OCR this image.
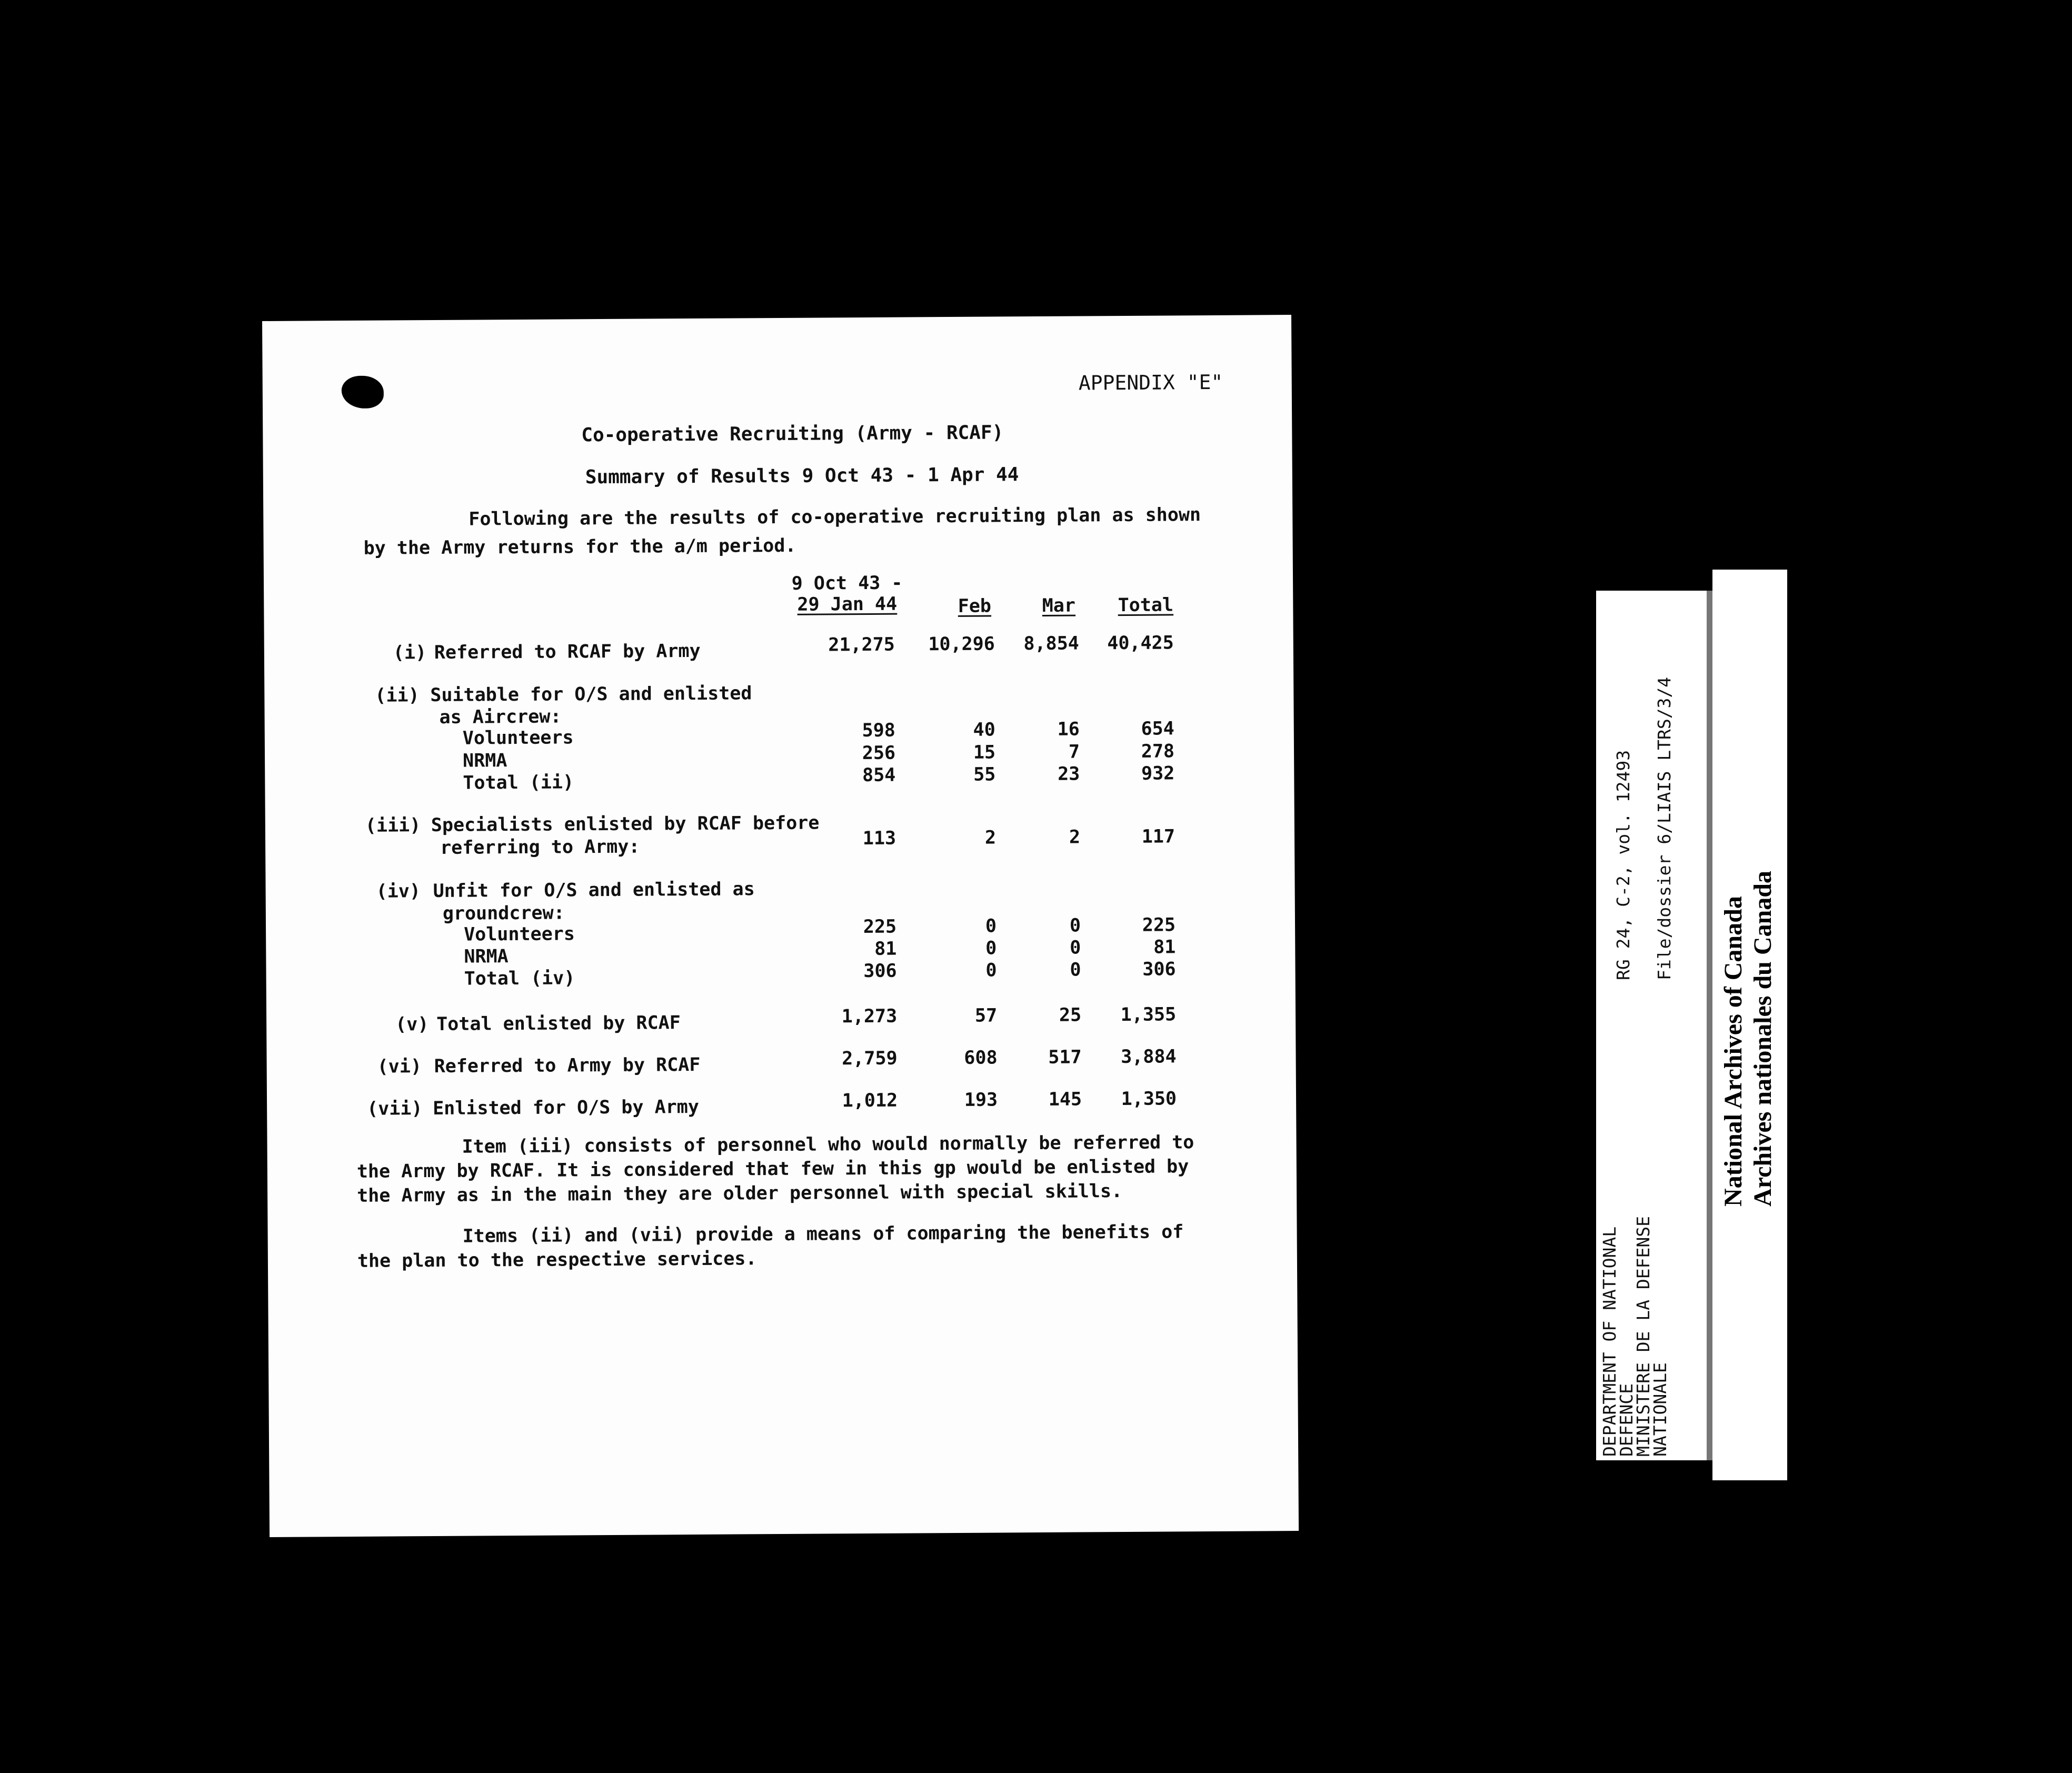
APPENDIX "E"
Co-operative Recruiting (Army - RCAF)
Summary of Results 9 Oct 43 - 1 Apr 44
Following are the results of co-operative recruiting plan as shown
by the Army returns for the a/m period.
9 Oct 43 -
29 Jan 44	Feb	Mar	Total
(i) Referred to RCAF by Army	21,275	10,296	8,854	40,425
(ii) Suitable for O/S and enlisted
as Aircrew:
Volunteers	598	40	16	654
NRMA	256	15	7	278
Total (ii)	854	55	23	932
(iii) Specialists enlisted by RCAF before
referring to Army:	113	2	2	117
(iv) Unfit for O/S and enlisted as
groundcrew:
Volunteers	225	0	0	225
NRMA	81	0	0	81
Total (iv)	306	0	0	306
(v) Total enlisted by RCAF	1,273	57	25	1,355
(vi) Referred to Army by RCAF	2,759	608	517	3,884
(vii) Enlisted for O/S by Army	1,012	193	145	1,350
Item (iii) consists of personnel who would normally be referred to
the Army by RCAF. It is considered that few in this gp would be enlisted by
the Army as in the main they are older personnel with special skills.
Items (ii) and (vii) provide a means of comparing the benefits of
the plan to the respective services.	DEPARTMENT OF NATIONAL
DEFENCE
MINISTERE DE LA DEFENSE
NATIONALE
RG 24, C-2, vol. 12493 File/dossier 6/LIAIS LTRS/3/4
National Archives of Canada Archives nationales du Canada
